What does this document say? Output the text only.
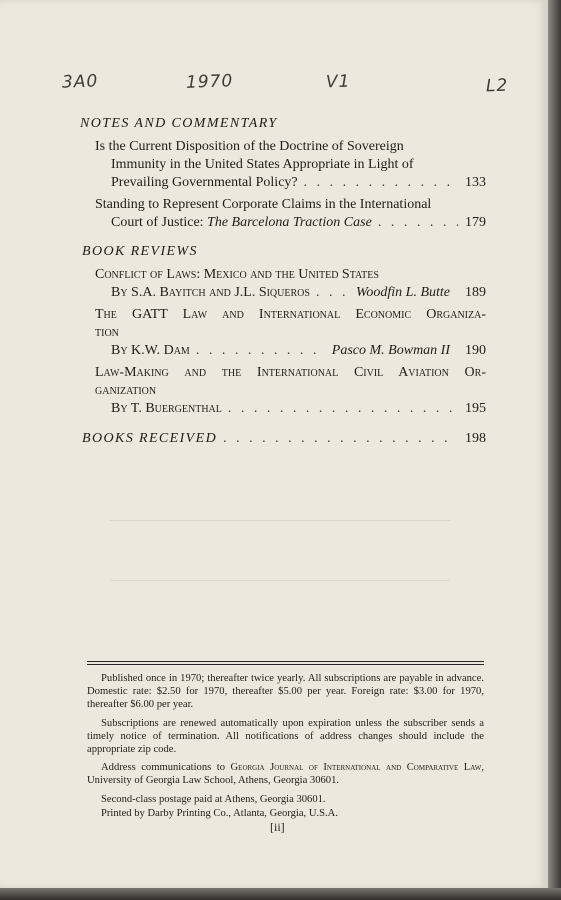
3A0	1970	V1	L2
NOTES AND COMMENTARY
Is the Current Disposition of the Doctrine of Sovereign
Immunity in the United States Appropriate in Light of
Prevailing Governmental Policy? . . .	133
Standing to Represent Corporate Claims in the International
Court of Justice: The Barcelona Traction Case . . .	179
BOOK REVIEWS
Conflict of Laws: Mexico and the United States
By S.A. Bayitch and J.L. Siqueros . . .	Woodfin L. Butte 189
The GATT Law and International Economic Organiza-
tion
By K.W. Dam . . .	Pasco M. Bowman II 190
Law-Making and the International Civil Aviation Or-
ganization
By T. Buergenthal . . .	195
BOOKS RECEIVED . . .	198

Published once in 1970; thereafter twice yearly. All subscriptions are payable in advance. Domestic rate: $2.50 for 1970, thereafter $5.00 per year. Foreign rate: $3.00 for 1970, thereafter $6.00 per year.

Subscriptions are renewed automatically upon expiration unless the subscriber sends a timely notice of termination. All notifications of address changes should include the appropriate zip code.

Address communications to Georgia Journal of International and Comparative Law, University of Georgia Law School, Athens, Georgia 30601.

Second-class postage paid at Athens, Georgia 30601.

Printed by Darby Printing Co., Atlanta, Georgia, U.S.A.

[ii]
